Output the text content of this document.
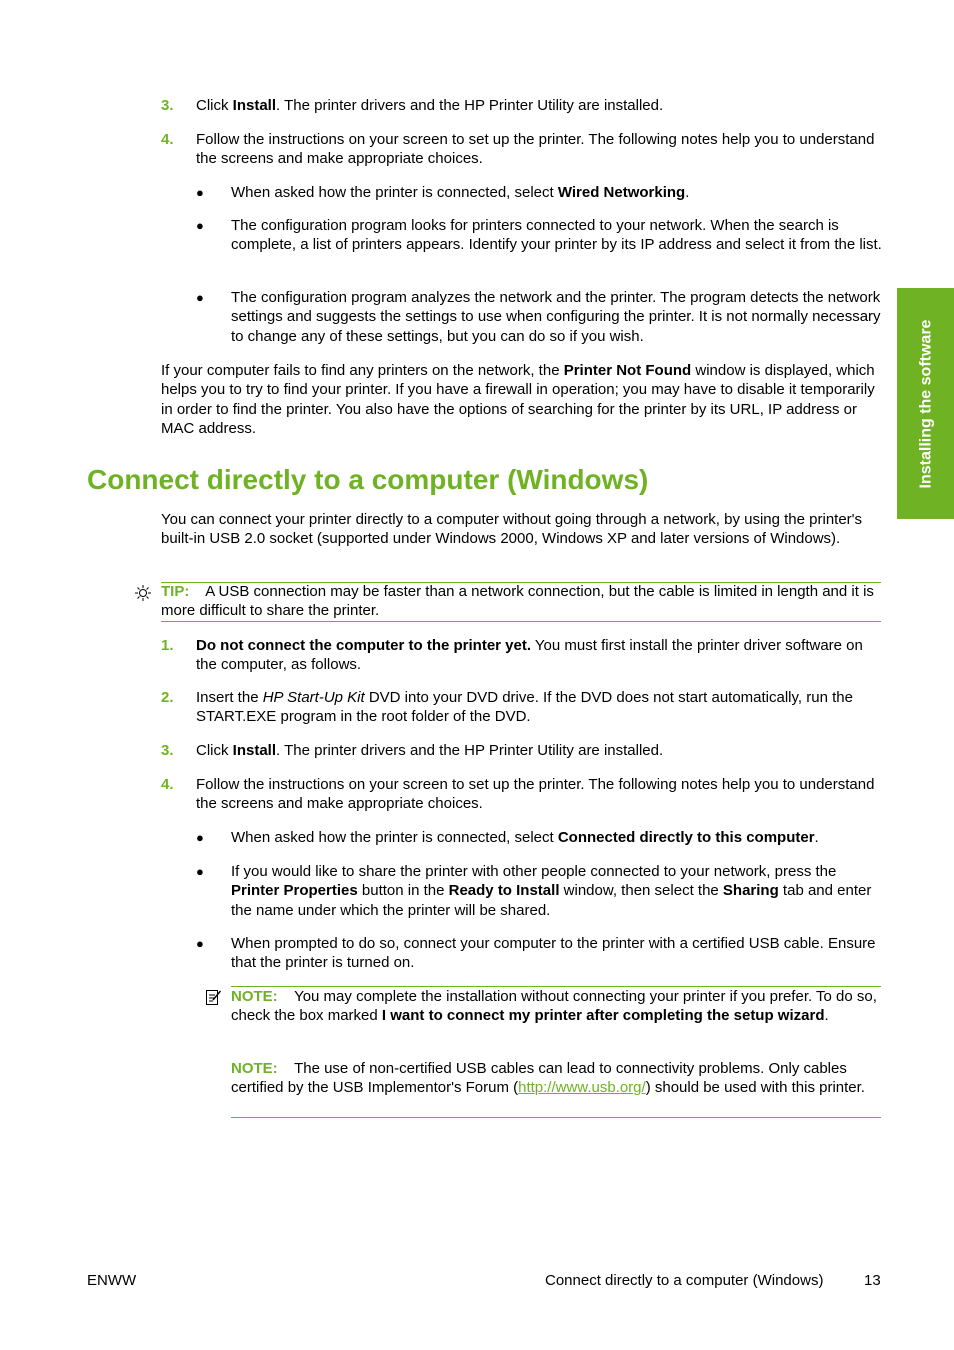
Installing the software
3. Click Install. The printer drivers and the HP Printer Utility are installed.
4. Follow the instructions on your screen to set up the printer. The following notes help you to understand the screens and make appropriate choices.
● When asked how the printer is connected, select Wired Networking.
● The configuration program looks for printers connected to your network. When the search is complete, a list of printers appears. Identify your printer by its IP address and select it from the list.
● The configuration program analyzes the network and the printer. The program detects the network settings and suggests the settings to use when configuring the printer. It is not normally necessary to change any of these settings, but you can do so if you wish.
If your computer fails to find any printers on the network, the Printer Not Found window is displayed, which helps you to try to find your printer. If you have a firewall in operation; you may have to disable it temporarily in order to find the printer. You also have the options of searching for the printer by its URL, IP address or MAC address.
Connect directly to a computer (Windows)
You can connect your printer directly to a computer without going through a network, by using the printer's built-in USB 2.0 socket (supported under Windows 2000, Windows XP and later versions of Windows).
TIP: A USB connection may be faster than a network connection, but the cable is limited in length and it is more difficult to share the printer.
1. Do not connect the computer to the printer yet. You must first install the printer driver software on the computer, as follows.
2. Insert the HP Start-Up Kit DVD into your DVD drive. If the DVD does not start automatically, run the START.EXE program in the root folder of the DVD.
3. Click Install. The printer drivers and the HP Printer Utility are installed.
4. Follow the instructions on your screen to set up the printer. The following notes help you to understand the screens and make appropriate choices.
● When asked how the printer is connected, select Connected directly to this computer.
● If you would like to share the printer with other people connected to your network, press the Printer Properties button in the Ready to Install window, then select the Sharing tab and enter the name under which the printer will be shared.
● When prompted to do so, connect your computer to the printer with a certified USB cable. Ensure that the printer is turned on.
NOTE: You may complete the installation without connecting your printer if you prefer. To do so, check the box marked I want to connect my printer after completing the setup wizard.
NOTE: The use of non-certified USB cables can lead to connectivity problems. Only cables certified by the USB Implementor's Forum (http://www.usb.org/) should be used with this printer.
ENWW	Connect directly to a computer (Windows)	13
